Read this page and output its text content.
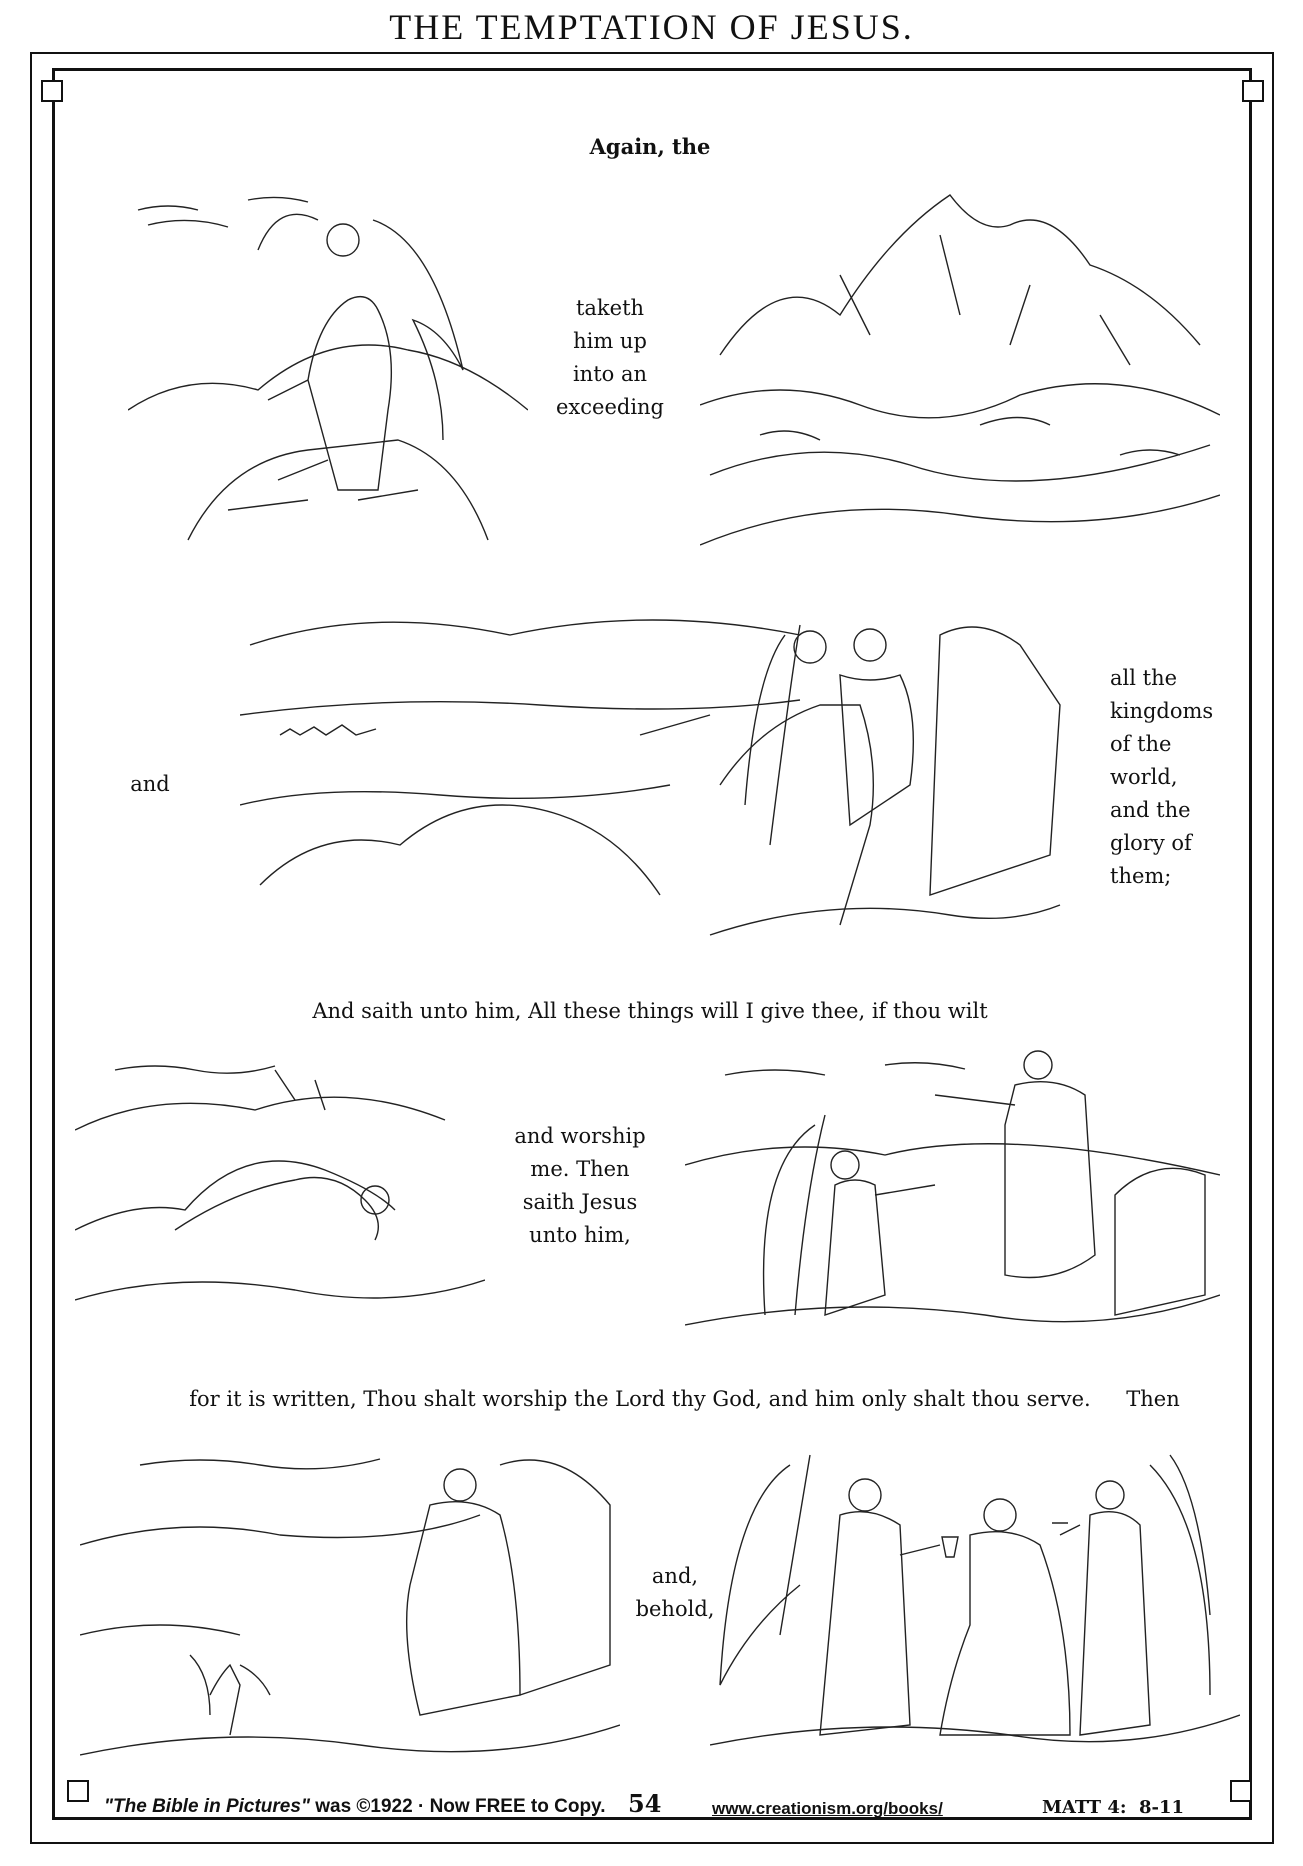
THE TEMPTATION OF JESUS.
Again, the
taketh
him up
into an
exceeding
and
all the
kingdoms
of the
world,
and the
glory of
them;
And saith unto him, All these things will I give thee, if thou wilt
and worship
me. Then
saith Jesus
unto him,
for it is written, Thou shalt worship the Lord thy God, and him only shalt thou serve.	Then
and,
behold,
"The Bible in Pictures" was ©1922 · Now FREE to Copy. 54	www.creationism.org/books/	MATT 4:  8-11
